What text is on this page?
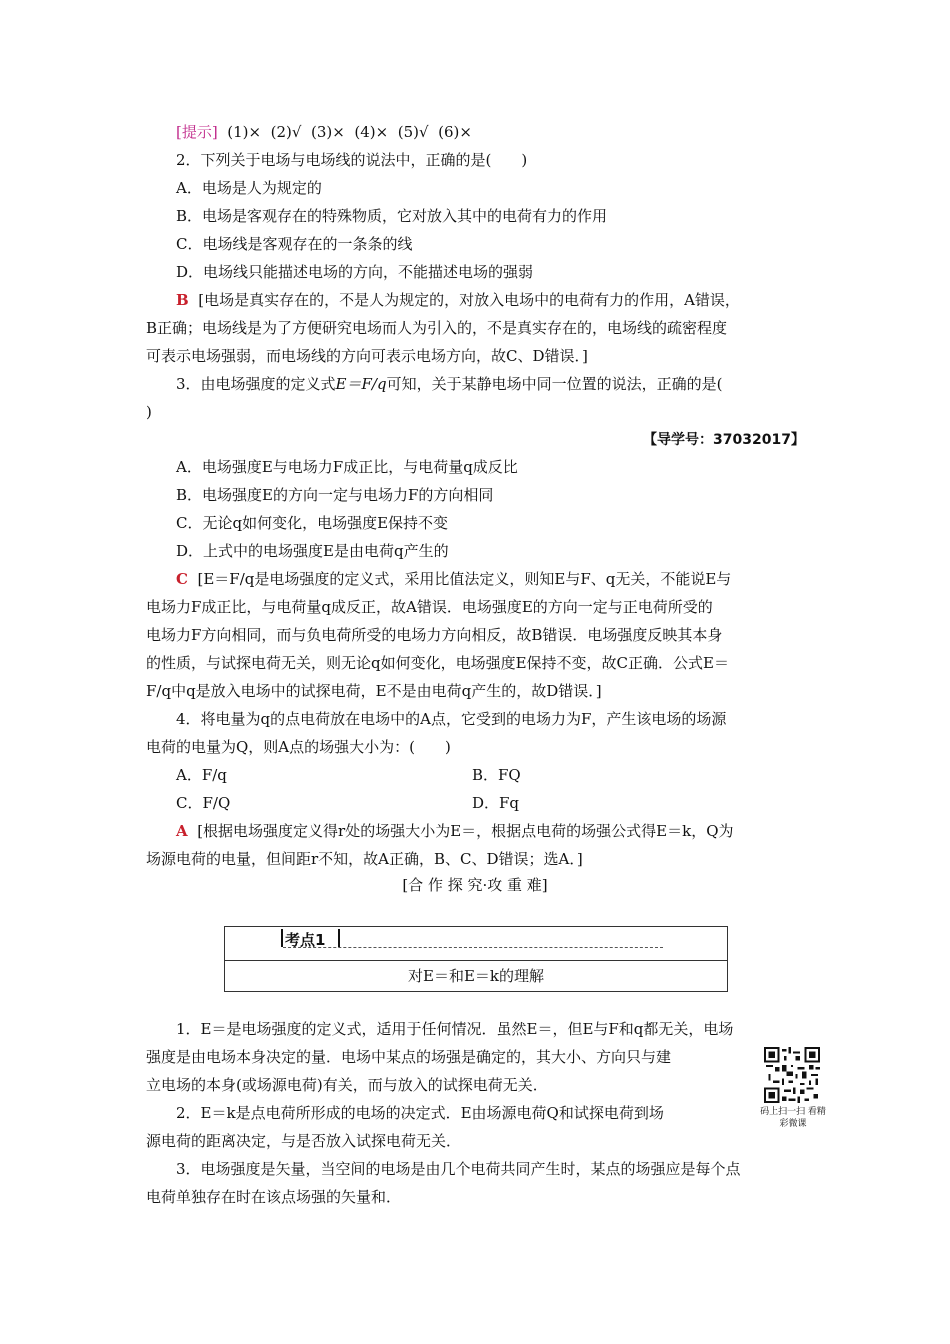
[提示] (1)× (2)√ (3)× (4)× (5)√ (6)×
2．下列关于电场与电场线的说法中，正确的是(　　)
A．电场是人为规定的
B．电场是客观存在的特殊物质，它对放入其中的电荷有力的作用
C．电场线是客观存在的一条条的线
D．电场线只能描述电场的方向，不能描述电场的强弱
B [电场是真实存在的，不是人为规定的，对放入电场中的电荷有力的作用，A错误，
B正确；电场线是为了方便研究电场而人为引入的，不是真实存在的，电场线的疏密程度
可表示电场强弱，而电场线的方向可表示电场方向，故C、D错误．]
3．由电场强度的定义式E＝F/q可知，关于某静电场中同一位置的说法，正确的是(
)
【导学号：37032017】
A．电场强度E与电场力F成正比，与电荷量q成反比
B．电场强度E的方向一定与电场力F的方向相同
C．无论q如何变化，电场强度E保持不变
D．上式中的电场强度E是由电荷q产生的
C [E＝F/q是电场强度的定义式，采用比值法定义，则知E与F、q无关，不能说E与
电场力F成正比，与电荷量q成反正，故A错误．电场强度E的方向一定与正电荷所受的
电场力F方向相同，而与负电荷所受的电场力方向相反，故B错误．电场强度反映其本身
的性质，与试探电荷无关，则无论q如何变化，电场强度E保持不变，故C正确．公式E＝
F/q中q是放入电场中的试探电荷，E不是由电荷q产生的，故D错误．]
4．将电量为q的点电荷放在电场中的A点，它受到的电场力为F，产生该电场的场源
电荷的电量为Q，则A点的场强大小为：(　　)
A．F/q	B．FQ
C．F/Q	D．Fq
A [根据电场强度定义得r处的场强大小为E＝，根据点电荷的场强公式得E＝k，Q为
场源电荷的电量，但间距r不知，故A正确，B、C、D错误；选A．]
[合 作 探 究·攻 重 难]
考点1
对E＝和E＝k的理解
1．E＝是电场强度的定义式，适用于任何情况．虽然E＝，但E与F和q都无关，电场
强度是由电场本身决定的量．电场中某点的场强是确定的，其大小、方向只与建
立电场的本身(或场源电荷)有关，而与放入的试探电荷无关．
2．E＝k是点电荷所形成的电场的决定式．E由场源电荷Q和试探电荷到场
源电荷的距离决定，与是否放入试探电荷无关．
3．电场强度是矢量，当空间的电场是由几个电荷共同产生时，某点的场强应是每个点
电荷单独存在时在该点场强的矢量和．
码上扫一扫 看精彩微课
